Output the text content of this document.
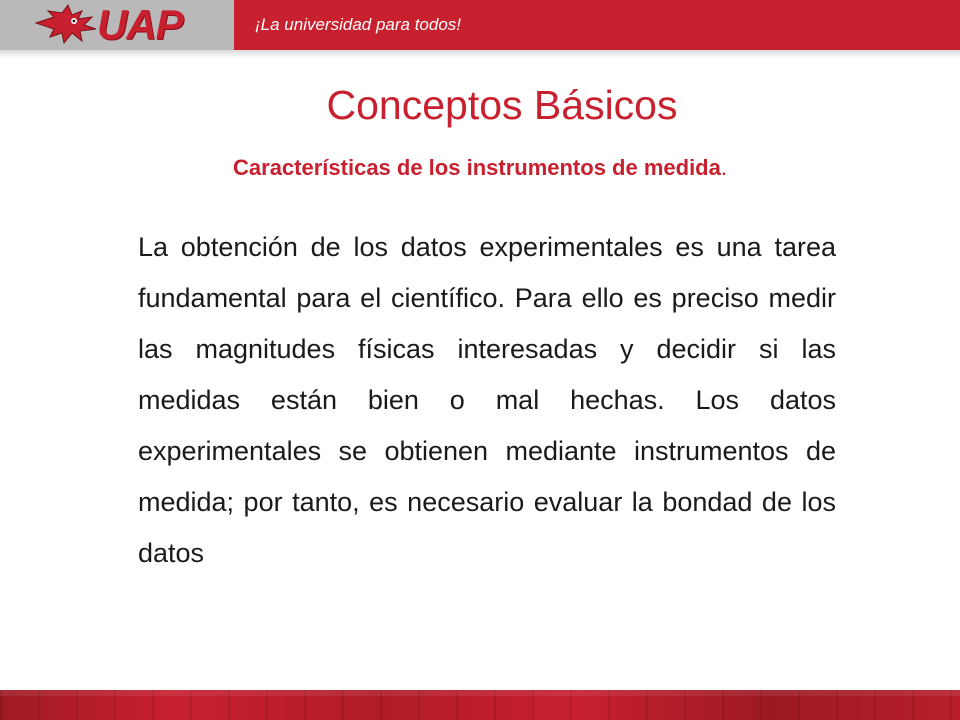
UAP	¡La universidad para todos!
Conceptos Básicos
Características de los instrumentos de medida.
La obtención de los datos experimentales es una tarea fundamental para el científico. Para ello es preciso medir las magnitudes físicas interesadas y decidir si las medidas están bien o mal hechas. Los datos experimentales se obtienen mediante instrumentos de medida; por tanto, es necesario evaluar la bondad de los datos
